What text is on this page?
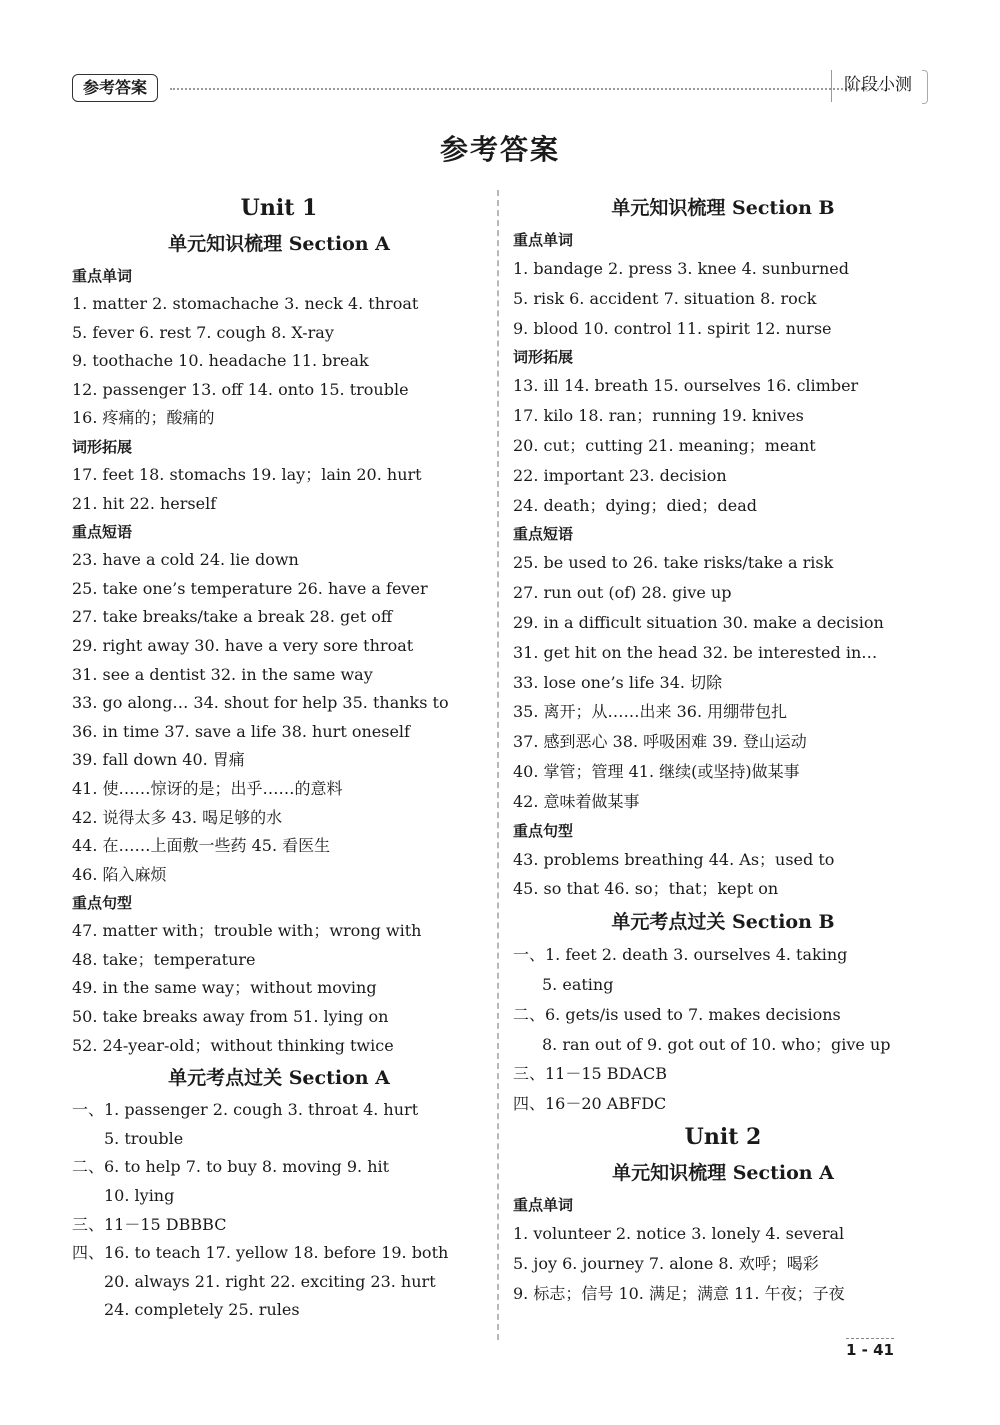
参考答案	阶段小测
参考答案
Unit 1
单元知识梳理 Section A
重点单词
1. matter 2. stomachache 3. neck 4. throat
5. fever 6. rest 7. cough 8. X-ray
9. toothache 10. headache 11. break
12. passenger 13. off 14. onto 15. trouble
16. 疼痛的；酸痛的
词形拓展
17. feet 18. stomachs 19. lay；lain 20. hurt
21. hit 22. herself
重点短语
23. have a cold 24. lie down
25. take one’s temperature 26. have a fever
27. take breaks/take a break 28. get off
29. right away 30. have a very sore throat
31. see a dentist 32. in the same way
33. go along… 34. shout for help 35. thanks to
36. in time 37. save a life 38. hurt oneself
39. fall down 40. 胃痛
41. 使……惊讶的是；出乎……的意料
42. 说得太多 43. 喝足够的水
44. 在……上面敷一些药 45. 看医生
46. 陷入麻烦
重点句型
47. matter with；trouble with；wrong with
48. take；temperature
49. in the same way；without moving
50. take breaks away from 51. lying on
52. 24-year-old；without thinking twice
单元考点过关 Section A
一、1. passenger 2. cough 3. throat 4. hurt
5. trouble
二、6. to help 7. to buy 8. moving 9. hit
10. lying
三、11－15 DBBBC
四、16. to teach 17. yellow 18. before 19. both
20. always 21. right 22. exciting 23. hurt
24. completely 25. rules
单元知识梳理 Section B
重点单词
1. bandage 2. press 3. knee 4. sunburned
5. risk 6. accident 7. situation 8. rock
9. blood 10. control 11. spirit 12. nurse
词形拓展
13. ill 14. breath 15. ourselves 16. climber
17. kilo 18. ran；running 19. knives
20. cut；cutting 21. meaning；meant
22. important 23. decision
24. death；dying；died；dead
重点短语
25. be used to 26. take risks/take a risk
27. run out (of) 28. give up
29. in a difficult situation 30. make a decision
31. get hit on the head 32. be interested in…
33. lose one’s life 34. 切除
35. 离开；从……出来 36. 用绷带包扎
37. 感到恶心 38. 呼吸困难 39. 登山运动
40. 掌管；管理 41. 继续(或坚持)做某事
42. 意味着做某事
重点句型
43. problems breathing 44. As；used to
45. so that 46. so；that；kept on
单元考点过关 Section B
一、1. feet 2. death 3. ourselves 4. taking
5. eating
二、6. gets/is used to 7. makes decisions
8. ran out of 9. got out of 10. who；give up
三、11－15 BDACB
四、16－20 ABFDC
Unit 2
单元知识梳理 Section A
重点单词
1. volunteer 2. notice 3. lonely 4. several
5. joy 6. journey 7. alone 8. 欢呼；喝彩
9. 标志；信号 10. 满足；满意 11. 午夜；子夜
1 - 41
